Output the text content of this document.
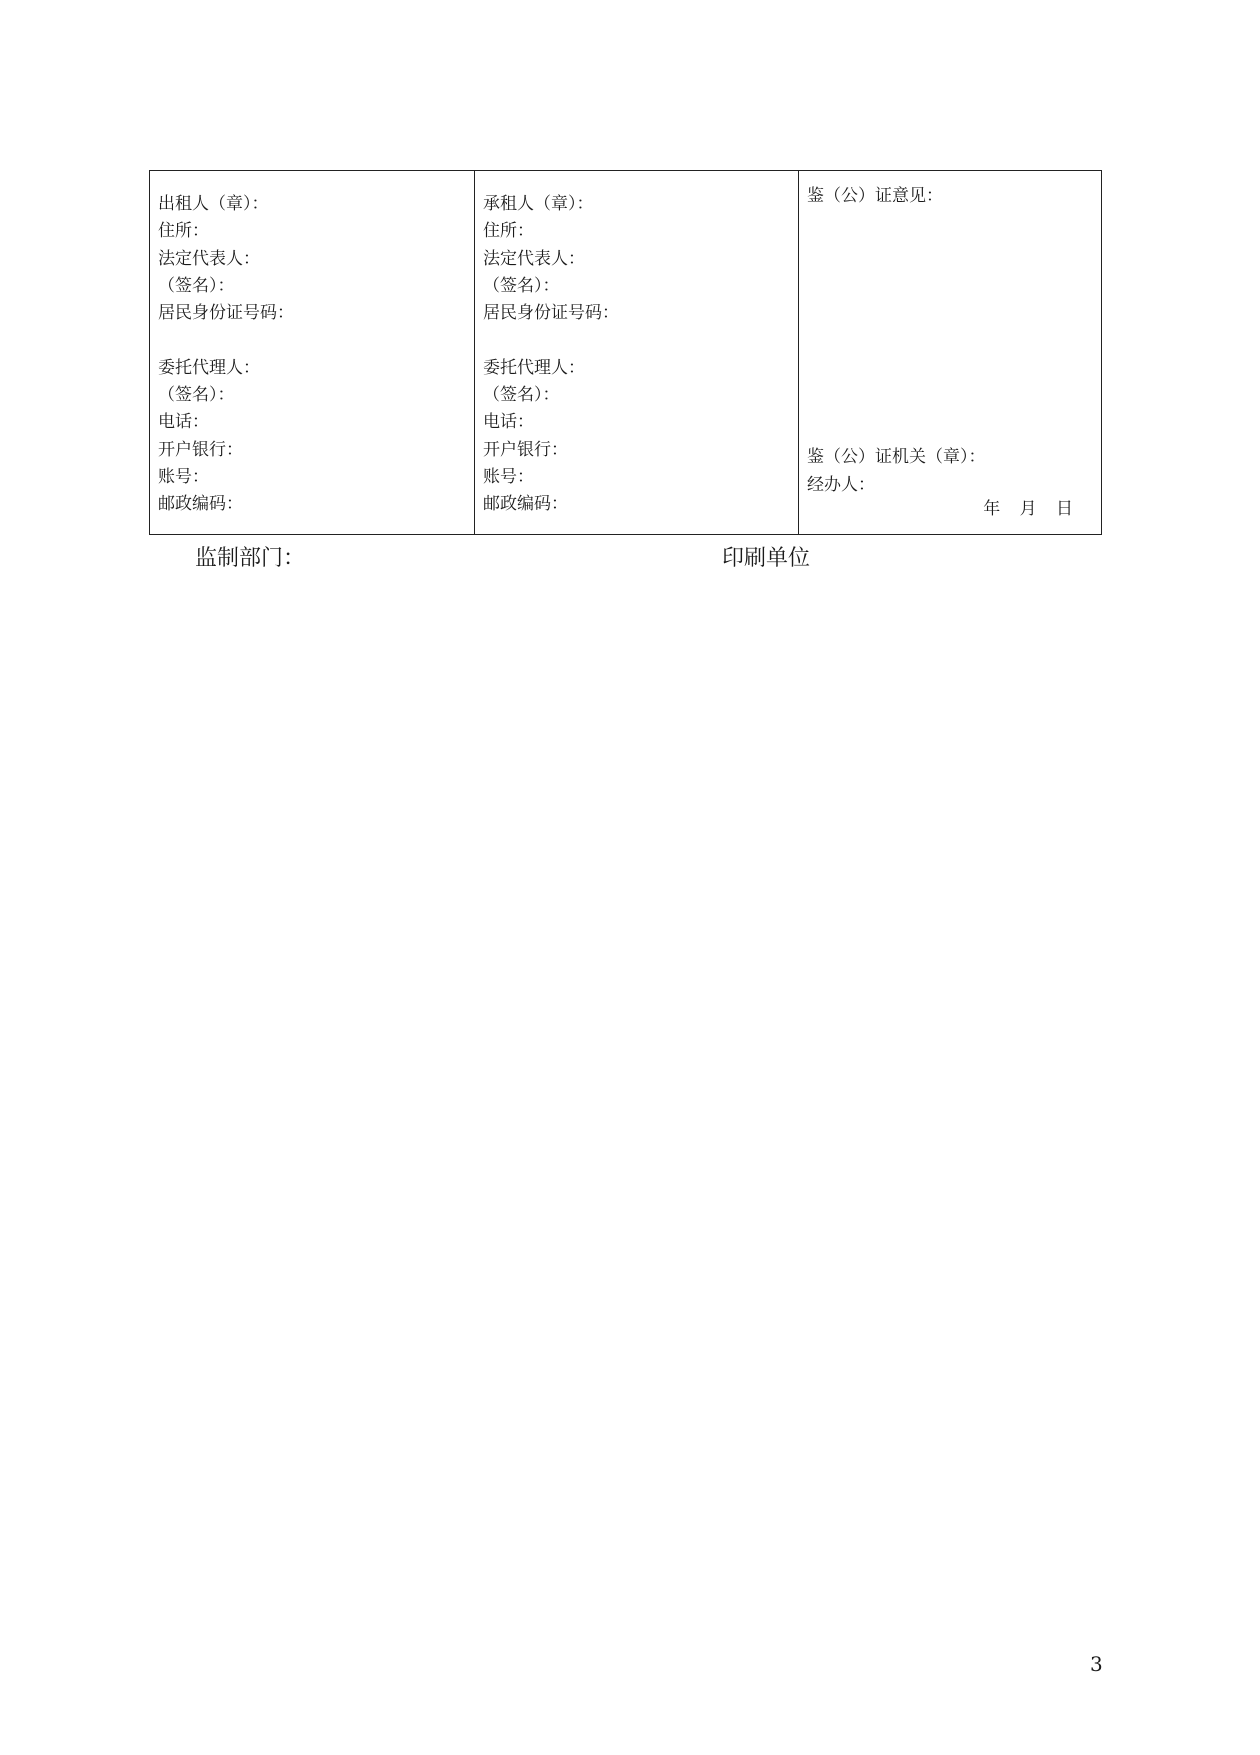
出租人（章）：
住所：
法定代表人：
（签名）：
居民身份证号码：
委托代理人：
（签名）：
电话：
开户银行：
账号：
邮政编码：
承租人（章）：
住所：
法定代表人：
（签名）：
居民身份证号码：
委托代理人：
（签名）：
电话：
开户银行：
账号：
邮政编码：
鉴（公）证意见：
鉴（公）证机关（章）：
经办人：
年 月 日
监制部门：	印刷单位
3
